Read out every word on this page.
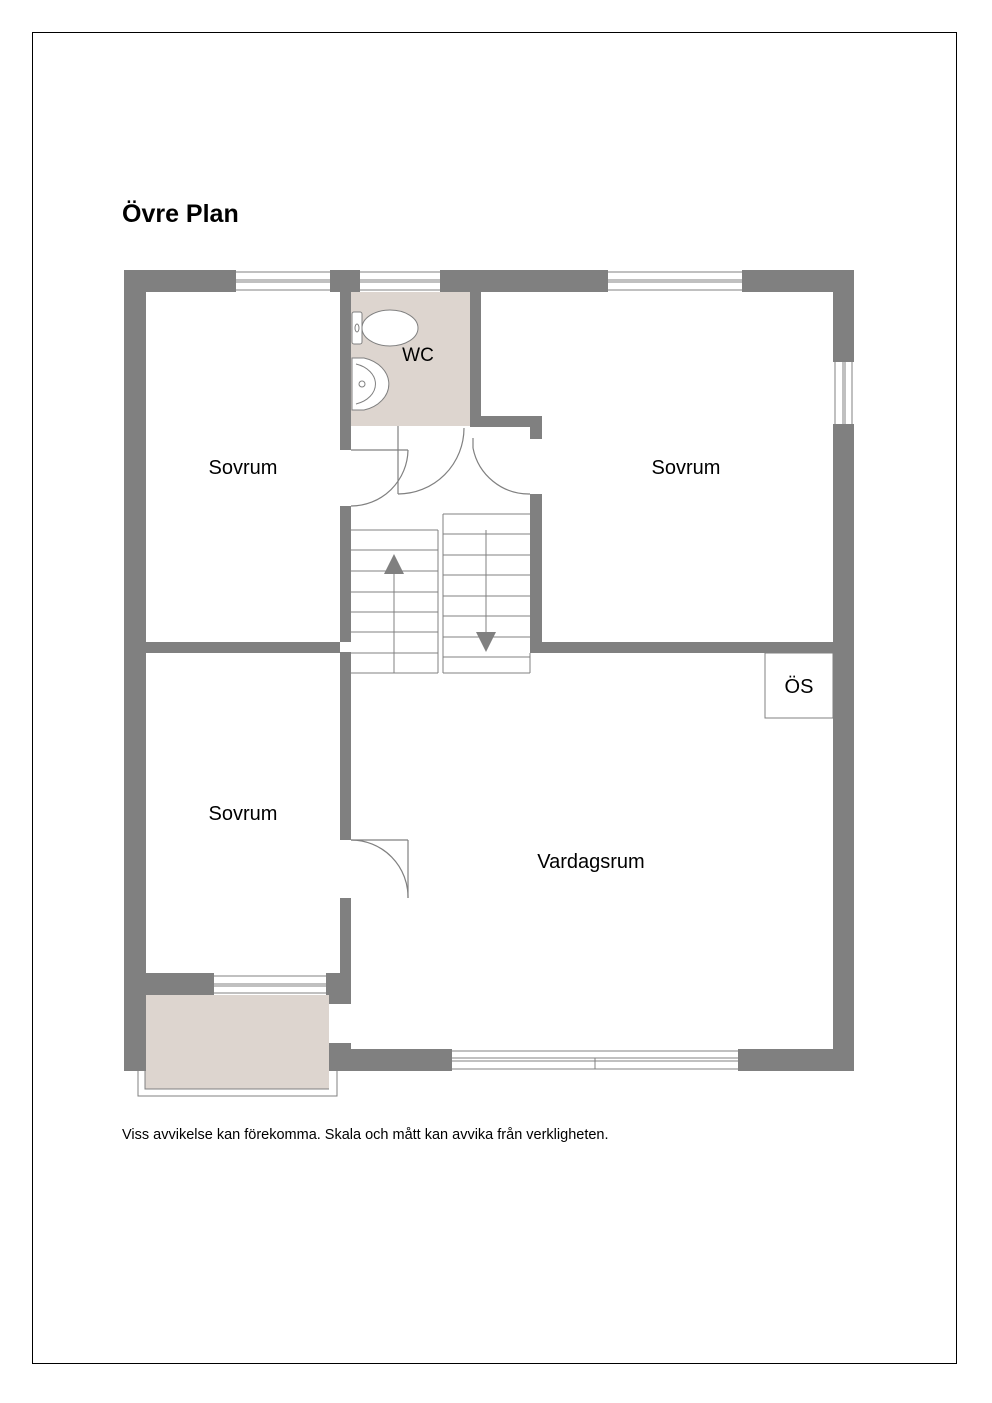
Övre Plan
Sovrum	Sovrum
Sovrum
Vardagsrum
WC
ÖS

Viss avvikelse kan förekomma. Skala och mått kan avvika från verkligheten.
